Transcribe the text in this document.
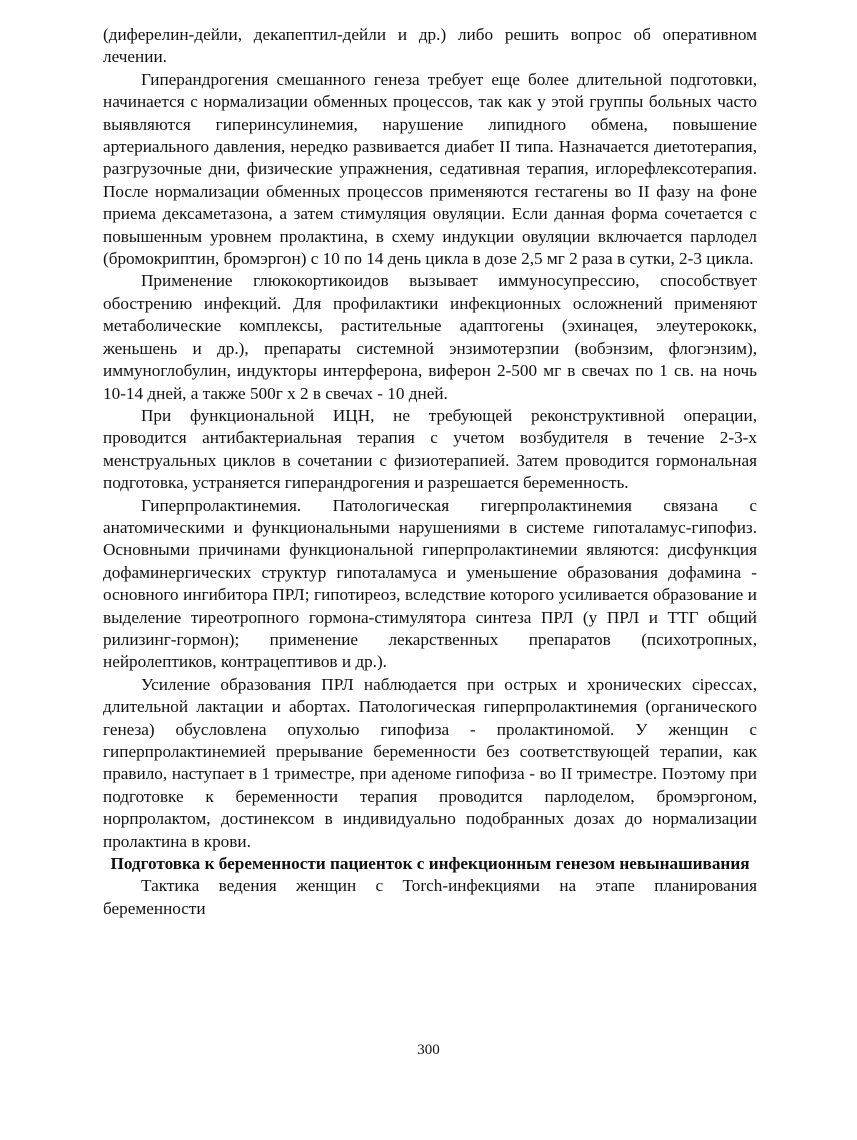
(диферелин-дейли, декапептил-дейли и др.) либо решить вопрос об оперативном лечении.

Гиперандрогения смешанного генеза требует еще более длительной подготовки, начинается с нормализации обменных процессов, так как у этой группы больных часто выявляются гиперинсулинемия, нарушение липидного обмена, повышение артериального давления, нередко развивается диабет II типа. Назначается диетотерапия, разгрузочные дни, физические упражнения, седативная терапия, иглорефлексотерапия. После нормализации обменных процессов применяются гестагены во II фазу на фоне приема дексаметазона, а затем стимуляция овуляции. Если данная форма сочетается с повышенным уровнем пролактина, в схему индукции овуляции включается парлодел (бромокриптин, бромэргон) с 10 по 14 день цикла в дозе 2,5 мг 2 раза в сутки, 2-3 цикла.

Применение глюкокортикоидов вызывает иммуносупрессию, способствует обострению инфекций. Для профилактики инфекционных осложнений применяют метаболические комплексы, растительные адаптогены (эхинацея, элеутерококк, женьшень и др.), препараты системной энзимотерзпии (вобэнзим, флогэнзим), иммуноглобулин, индукторы интерферона, виферон 2-500 мг в свечах по 1 св. на ночь 10-14 дней, а также 500г х 2 в свечах - 10 дней.

При функциональной ИЦН, не требующей реконструктивной операции, проводится антибактериальная терапия с учетом возбудителя в течение 2-3-х менструальных циклов в сочетании с физиотерапией. Затем проводится гормональная подготовка, устраняется гиперандрогения и разрешается беременность.

Гиперпролактинемия. Патологическая гигерпролактинемия связана с анатомическими и функциональными нарушениями в системе гипоталамус-гипофиз. Основными причинами функциональной гиперпролактинемии являются: дисфункция дофаминергических структур гипоталамуса и уменьшение образования дофамина - основного ингибитора ПРЛ; гипотиреоз, вследствие которого усиливается образование и выделение тиреотропного гормона-стимулятора синтеза ПРЛ (у ПРЛ и ТТГ общий рилизинг-гормон); применение лекарственных препаратов (психотропных, нейролептиков, контрацептивов и др.).

Усиление образования ПРЛ наблюдается при острых и хронических сiрессах, длительной лактации и абортах. Патологическая гиперпролактинемия (органического генеза) обусловлена опухолью гипофиза - пролактиномой. У женщин с гиперпролактинемией прерывание беременности без соответствующей терапии, как правило, наступает в 1 триместре, при аденоме гипофиза - во II триместре. Поэтому при подготовке к беременности терапия проводится парлоделом, бромэргоном, норпролактом, достинексом в индивидуально подобранных дозах до нормализации пролактина в крови.

Подготовка к беременности пациенток с инфекционным генезом невынашивания

Тактика ведения женщин с Torch-инфекциями на этапе планирования беременности

300
